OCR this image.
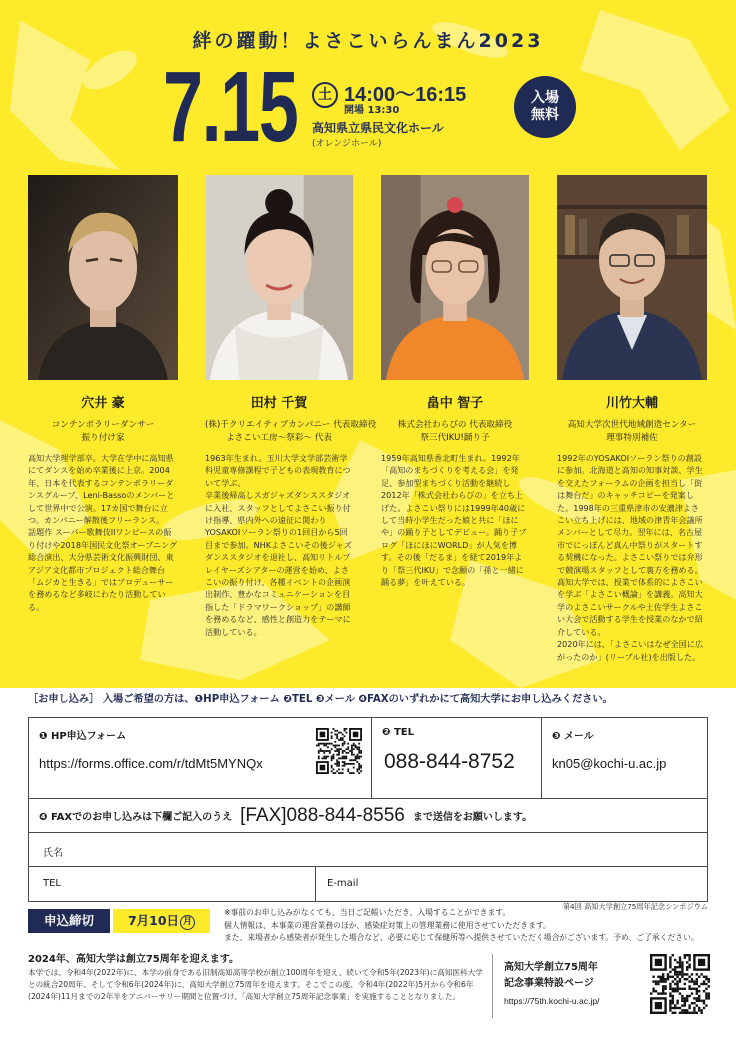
絆の躍動！よさこいらんまん2023
7.15	土 14:00～16:15
開場 13:30
高知県立県民文化ホール
(オレンジホール)
入場
無料
穴井 豪
コンテンポラリーダンサー
振り付け家

高知大学理学部卒。大学在学中に高知県にてダンスを始め卒業後に上京。2004年、日本を代表するコンテンポラリーダンスグループ、Leni-Bassoのメンバーとして世界中で公演。17カ国で舞台に立つ。カンパニー解散後フリーランス。

話題作 スーパー歌舞伎IIワンピースの振り付けや2018年国民文化祭オープニング総合演出、大分県芸術文化振興財団、東アジア文化都市プロジェクト総合舞台「ムジカと生きる」ではプロデューサーを務めるなど多岐にわたり活動している。

田村 千賀
(株)千クリエイティブカンパニー 代表取締役
よさこい工房～祭彩～ 代表

1963年生まれ。玉川大学文学部芸術学科児童専修課程で子どもの表現教育について学ぶ。

卒業後帰高しスガジャズダンススタジオに入社、スタッフとしてよさこい振り付け指導、県内外への遠征に関わりYOSAKOIソーラン祭りの1回目から5回目まで参加。NHKよさこいその後ジャズダンススタジオを退社し、高知リトルプレイヤーズシアターの運営を始め、よさこいの振り付け、各種イベントの企画演出制作、豊かなコミュニケーションを目指した「ドラマワークショップ」の講師を務めるなど、感性と創造力をテーマに活動している。

畠中 智子
株式会社わらびの 代表取締役
祭三代IKU!踊り子

1959年高知県香北町生まれ。1992年「高知のまちづくりを考える会」を発足、参加型まちづくり活動を継続し2012年「株式会社わらびの」を立ち上げた。よさこい祭りには1999年40歳にして当時小学生だった娘と共に「ほにや」の踊り子としてデビュー。踊り子ブログ「ほにほにWORLD」が人気を博す。その後「だるま」を経て2019年より「祭三代IKU」で念願の「孫と一緒に踊る夢」を叶えている。

川竹大輔
高知大学次世代地域創造センター
理事特別補佐

1992年のYOSAKOIソーラン祭りの創設に参加。北海道と高知の知事対談、学生を交えたフォーラムの企画を担当し「街は舞台だ」のキャッチコピーを発案した。1998年の三重県津市の安濃津よさこい立ち上げには、地域の津青年会議所メンバーとして尽力。翌年には、名古屋市でにっぽんど真ん中祭りがスタートする契機になった。よさこい祭りでは弁形で競演場スタッフとして裏方を務める。高知大学では、授業で体系的によさこいを学ぶ「よさこい概論」を講義。高知大学のよさこいサークルや土佐学生よさこい大会で活動する学生を授業のなかで紹介している。

2020年には、「よさこいはなぜ全国に広がったのか」(リーブル社)を出版した。

［お申し込み］ 入場ご希望の方は、❶HP申込フォーム ❷TEL ❸メール ❹FAXのいずれかにて高知大学にお申し込みください。
❶ HP申込フォーム
https://forms.office.com/r/tdMt5MYNQx
❷ TEL
088-844-8752
❸ メール
kn05@kochi-u.ac.jp
❹ FAXでのお申し込みは下欄ご記入のうえ [FAX]088-844-8556 まで送信をお願いします。
氏名
TEL	E-mail
第4回 高知大学創立75周年記念シンポジウム
申込締切	7月10日 月
※事前のお申し込みがなくても、当日ご記帳いただき、入場することができます。
個人情報は、本事業の運営業務のほか、感染症対策上の管理業務に使用させていただきます。
また、来場者から感染者が発生した場合など、必要に応じて保健所等へ提供させていただく場合がございます。予め、ご了承ください。
2024年、高知大学は創立75周年を迎えます。
本学では、令和4年(2022年)に、本学の前身である旧制高知高等学校が創立100周年を迎え、続いて令和5年(2023年)に高知医科大学との統合20周年、そして令和6年(2024年)に、高知大学創立75周年を迎えます。そこでこの度、令和4年(2022年)5月から令和6年(2024年)11月までの2年半をアニバーサリー期間と位置づけ、「高知大学創立75周年記念事業」を実施することとなりました。
高知大学創立75周年
記念事業特設ページ
https://75th.kochi-u.ac.jp/
